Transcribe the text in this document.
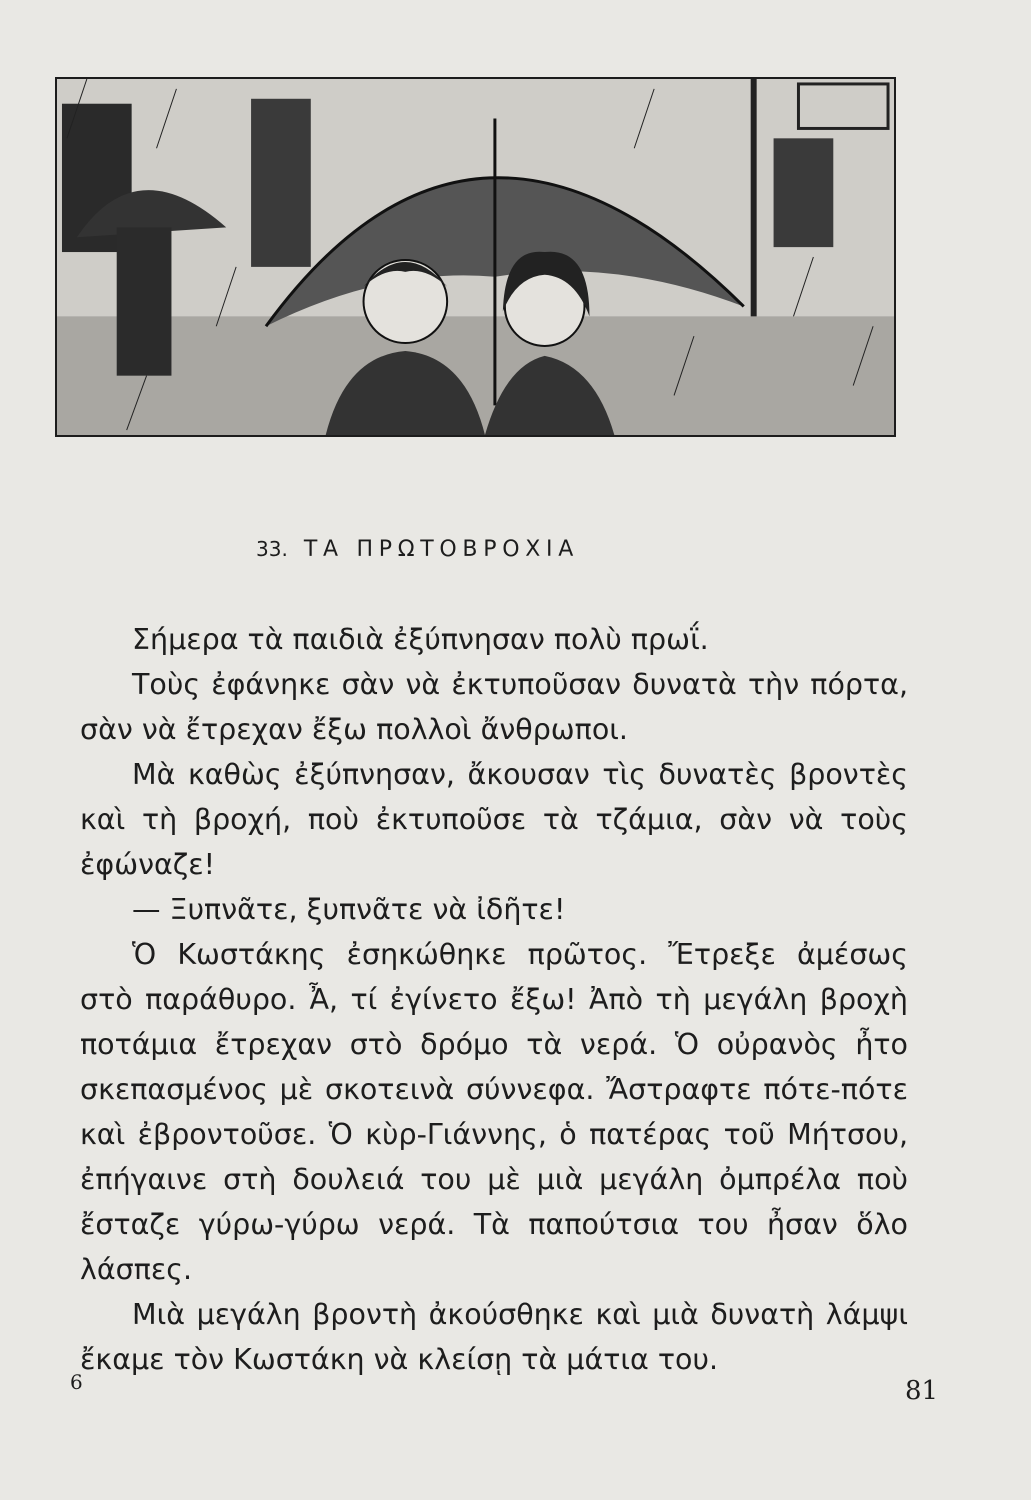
33. ΤΑ ΠΡΩΤΟΒΡΟΧΙΑ

Σήμερα τὰ παιδιὰ ἐξύπνησαν πολὺ πρωΐ.

Τοὺς ἐφάνηκε σὰν νὰ ἐκτυποῦσαν δυνατὰ τὴν πόρτα, σὰν νὰ ἔτρεχαν ἔξω πολλοὶ ἄνθρωποι.

Μὰ καθὼς ἐξύπνησαν, ἄκουσαν τὶς δυνατὲς βροντὲς καὶ τὴ βροχή, ποὺ ἐκτυποῦσε τὰ τζάμια, σὰν νὰ τοὺς ἐφώναζε!

— Ξυπνᾶτε, ξυπνᾶτε νὰ ἰδῆτε!

Ὁ Κωστάκης ἐσηκώθηκε πρῶτος. Ἔτρεξε ἀμέσως στὸ παράθυρο. Ἆ, τί ἐγίνετο ἔξω! Ἀπὸ τὴ μεγάλη βροχὴ ποτάμια ἔτρεχαν στὸ δρόμο τὰ νερά. Ὁ οὐρανὸς ἦτο σκεπασμένος μὲ σκοτεινὰ σύννεφα. Ἄστραφτε πότε-πότε καὶ ἐβροντοῦσε. Ὁ κὺρ-Γιάννης, ὁ πατέρας τοῦ Μήτσου, ἐπήγαινε στὴ δουλειά του μὲ μιὰ μεγάλη ὀμπρέλα ποὺ ἔσταζε γύρω-γύρω νερά. Τὰ παπούτσια του ἦσαν ὅλο λάσπες.

Μιὰ μεγάλη βροντὴ ἀκούσθηκε καὶ μιὰ δυνατὴ λάμψι ἔκαμε τὸν Κωστάκη νὰ κλείσῃ τὰ μάτια του.

6	81
